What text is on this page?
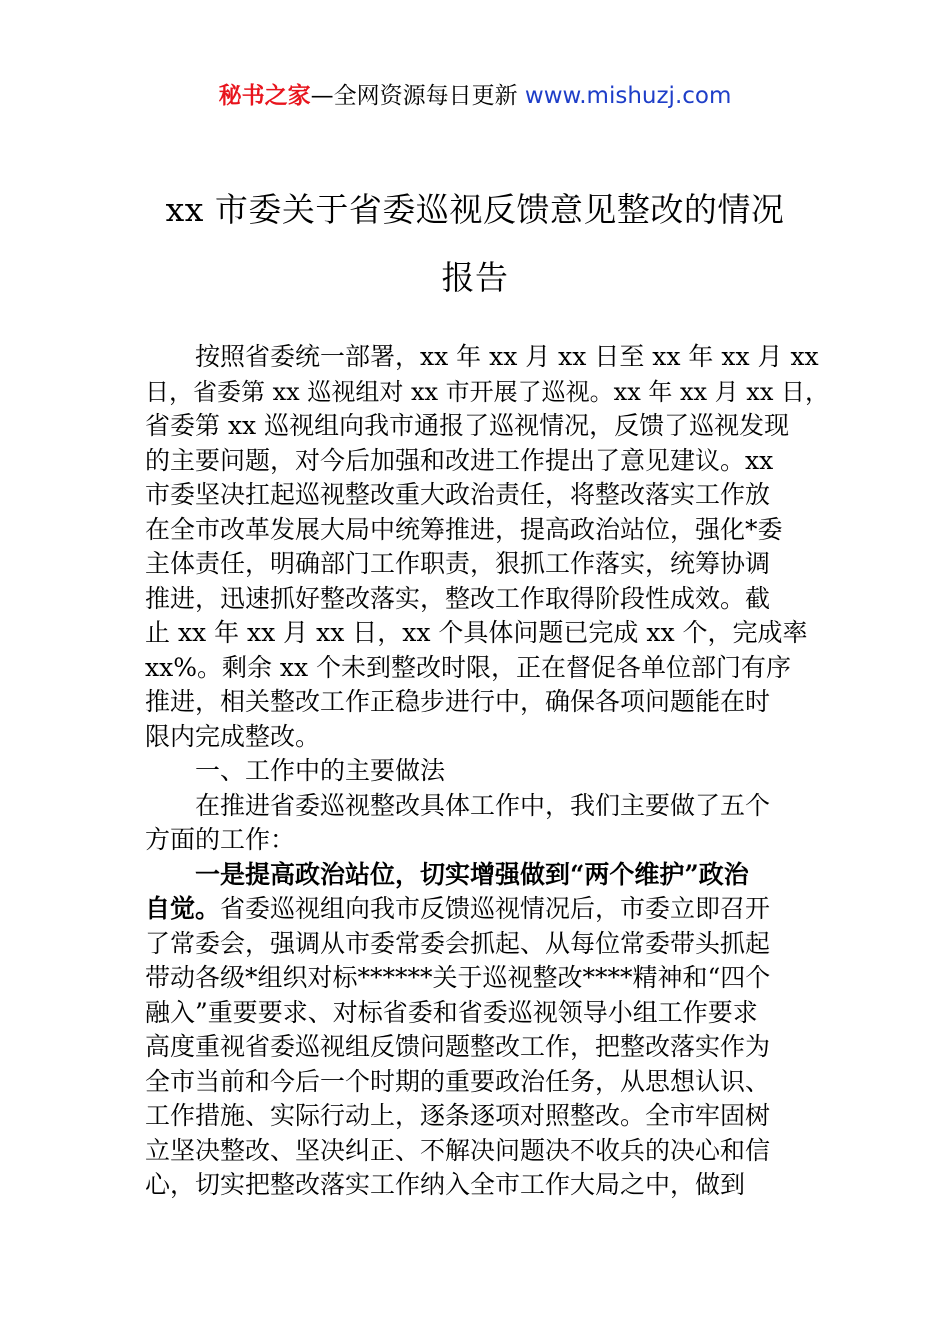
秘书之家—全网资源每日更新 www.mishuzj.com
xx 市委关于省委巡视反馈意见整改的情况
报告
　　按照省委统一部署，xx 年 xx 月 xx 日至 xx 年 xx 月 xx
日，省委第 xx 巡视组对 xx 市开展了巡视。xx 年 xx 月 xx 日，
省委第 xx 巡视组向我市通报了巡视情况，反馈了巡视发现
的主要问题，对今后加强和改进工作提出了意见建议。xx
市委坚决扛起巡视整改重大政治责任，将整改落实工作放
在全市改革发展大局中统筹推进，提高政治站位，强化*委
主体责任，明确部门工作职责，狠抓工作落实，统筹协调
推进，迅速抓好整改落实，整改工作取得阶段性成效。截
止 xx 年 xx 月 xx 日，xx 个具体问题已完成 xx 个，完成率
xx%。剩余 xx 个未到整改时限，正在督促各单位部门有序
推进，相关整改工作正稳步进行中，确保各项问题能在时
限内完成整改。
　　一、工作中的主要做法
　　在推进省委巡视整改具体工作中，我们主要做了五个
方面的工作：
　　一是提高政治站位，切实增强做到“两个维护”政治
自觉。省委巡视组向我市反馈巡视情况后，市委立即召开
了常委会，强调从市委常委会抓起、从每位常委带头抓起
带动各级*组织对标******关于巡视整改****精神和“四个
融入”重要要求、对标省委和省委巡视领导小组工作要求
高度重视省委巡视组反馈问题整改工作，把整改落实作为
全市当前和今后一个时期的重要政治任务，从思想认识、
工作措施、实际行动上，逐条逐项对照整改。全市牢固树
立坚决整改、坚决纠正、不解决问题决不收兵的决心和信
心，切实把整改落实工作纳入全市工作大局之中，做到
